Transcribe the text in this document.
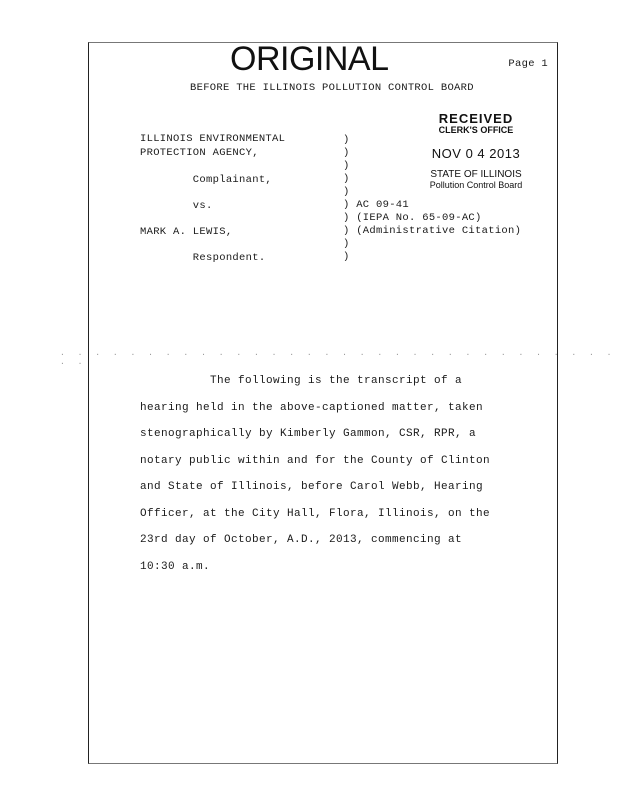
ORIGINAL	Page 1
BEFORE THE ILLINOIS POLLUTION CONTROL BOARD
RECEIVED
CLERK'S OFFICE
NOV 0 4 2013
STATE OF ILLINOIS
Pollution Control Board
ILLINOIS ENVIRONMENTAL
PROTECTION AGENCY,
Complainant,
vs.
MARK A. LEWIS,
Respondent.
)
)
)
)
)
) AC 09-41
) (IEPA No. 65-09-AC)
) (Administrative Citation)
)
)
. . . . . . . . . . . . . . . . . . . . . . . . . . . . . . . . . .
The following is the transcript of a
hearing held in the above-captioned matter, taken
stenographically by Kimberly Gammon, CSR, RPR, a
notary public within and for the County of Clinton
and State of Illinois, before Carol Webb, Hearing
Officer, at the City Hall, Flora, Illinois, on the
23rd day of October, A.D., 2013, commencing at
10:30 a.m.
